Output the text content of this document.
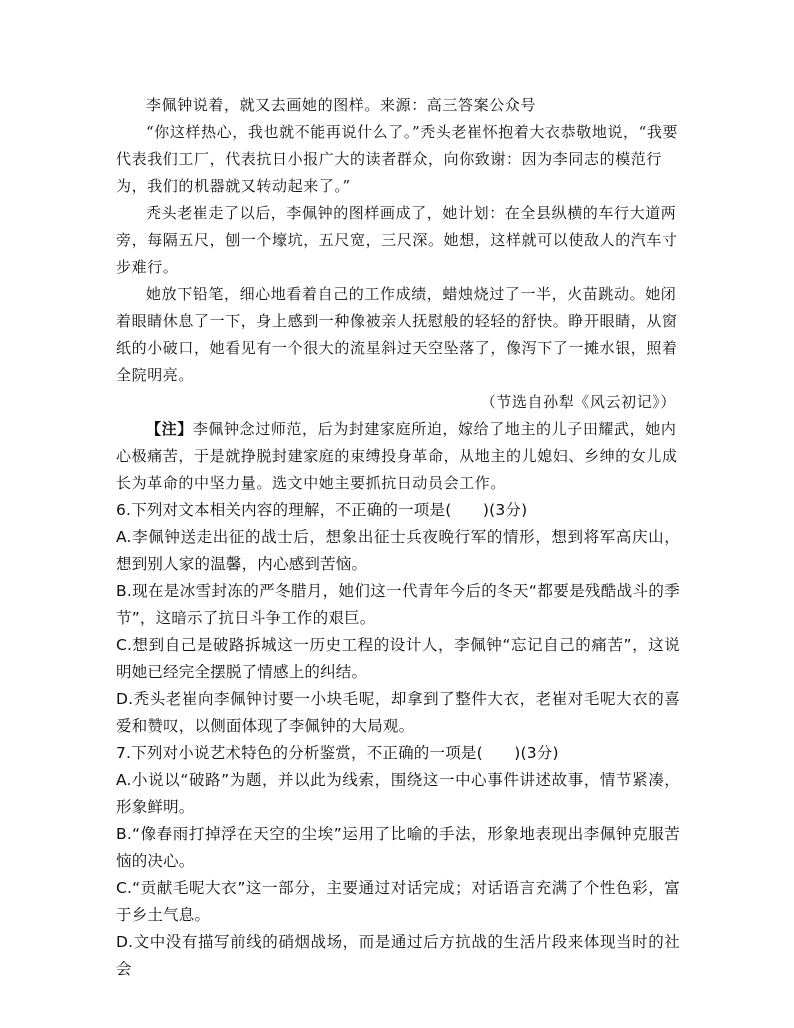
李佩钟说着，就又去画她的图样。来源：高三答案公众号

“你这样热心，我也就不能再说什么了。”秃头老崔怀抱着大衣恭敬地说，“我要代表我们工厂，代表抗日小报广大的读者群众，向你致谢：因为李同志的模范行为，我们的机器就又转动起来了。”

秃头老崔走了以后，李佩钟的图样画成了，她计划：在全县纵横的车行大道两旁，每隔五尺，刨一个壕坑，五尺宽，三尺深。她想，这样就可以使敌人的汽车寸步难行。

她放下铅笔，细心地看着自己的工作成绩，蜡烛烧过了一半，火苗跳动。她闭着眼睛休息了一下，身上感到一种像被亲人抚慰般的轻轻的舒快。睁开眼睛，从窗纸的小破口，她看见有一个很大的流星斜过天空坠落了，像泻下了一摊水银，照着全院明亮。

（节选自孙犁《风云初记》）

【注】李佩钟念过师范，后为封建家庭所迫，嫁给了地主的儿子田耀武，她内心极痛苦，于是就挣脱封建家庭的束缚投身革命，从地主的儿媳妇、乡绅的女儿成长为革命的中坚力量。选文中她主要抓抗日动员会工作。

6.下列对文本相关内容的理解，不正确的一项是(　　)(3分)

A.李佩钟送走出征的战士后，想象出征士兵夜晚行军的情形，想到将军高庆山，想到别人家的温馨，内心感到苦恼。

B.现在是冰雪封冻的严冬腊月，她们这一代青年今后的冬天“都要是残酷战斗的季节”，这暗示了抗日斗争工作的艰巨。

C.想到自己是破路拆城这一历史工程的设计人，李佩钟“忘记自己的痛苦”，这说明她已经完全摆脱了情感上的纠结。

D.秃头老崔向李佩钟讨要一小块毛呢，却拿到了整件大衣，老崔对毛呢大衣的喜爱和赞叹，以侧面体现了李佩钟的大局观。

7.下列对小说艺术特色的分析鉴赏，不正确的一项是(　　)(3分)

A.小说以“破路”为题，并以此为线索，围绕这一中心事件讲述故事，情节紧凑，形象鲜明。

B.“像春雨打掉浮在天空的尘埃”运用了比喻的手法，形象地表现出李佩钟克服苦恼的决心。

C.“贡献毛呢大衣”这一部分，主要通过对话完成；对话语言充满了个性色彩，富于乡土气息。

D.文中没有描写前线的硝烟战场，而是通过后方抗战的生活片段来体现当时的社会
